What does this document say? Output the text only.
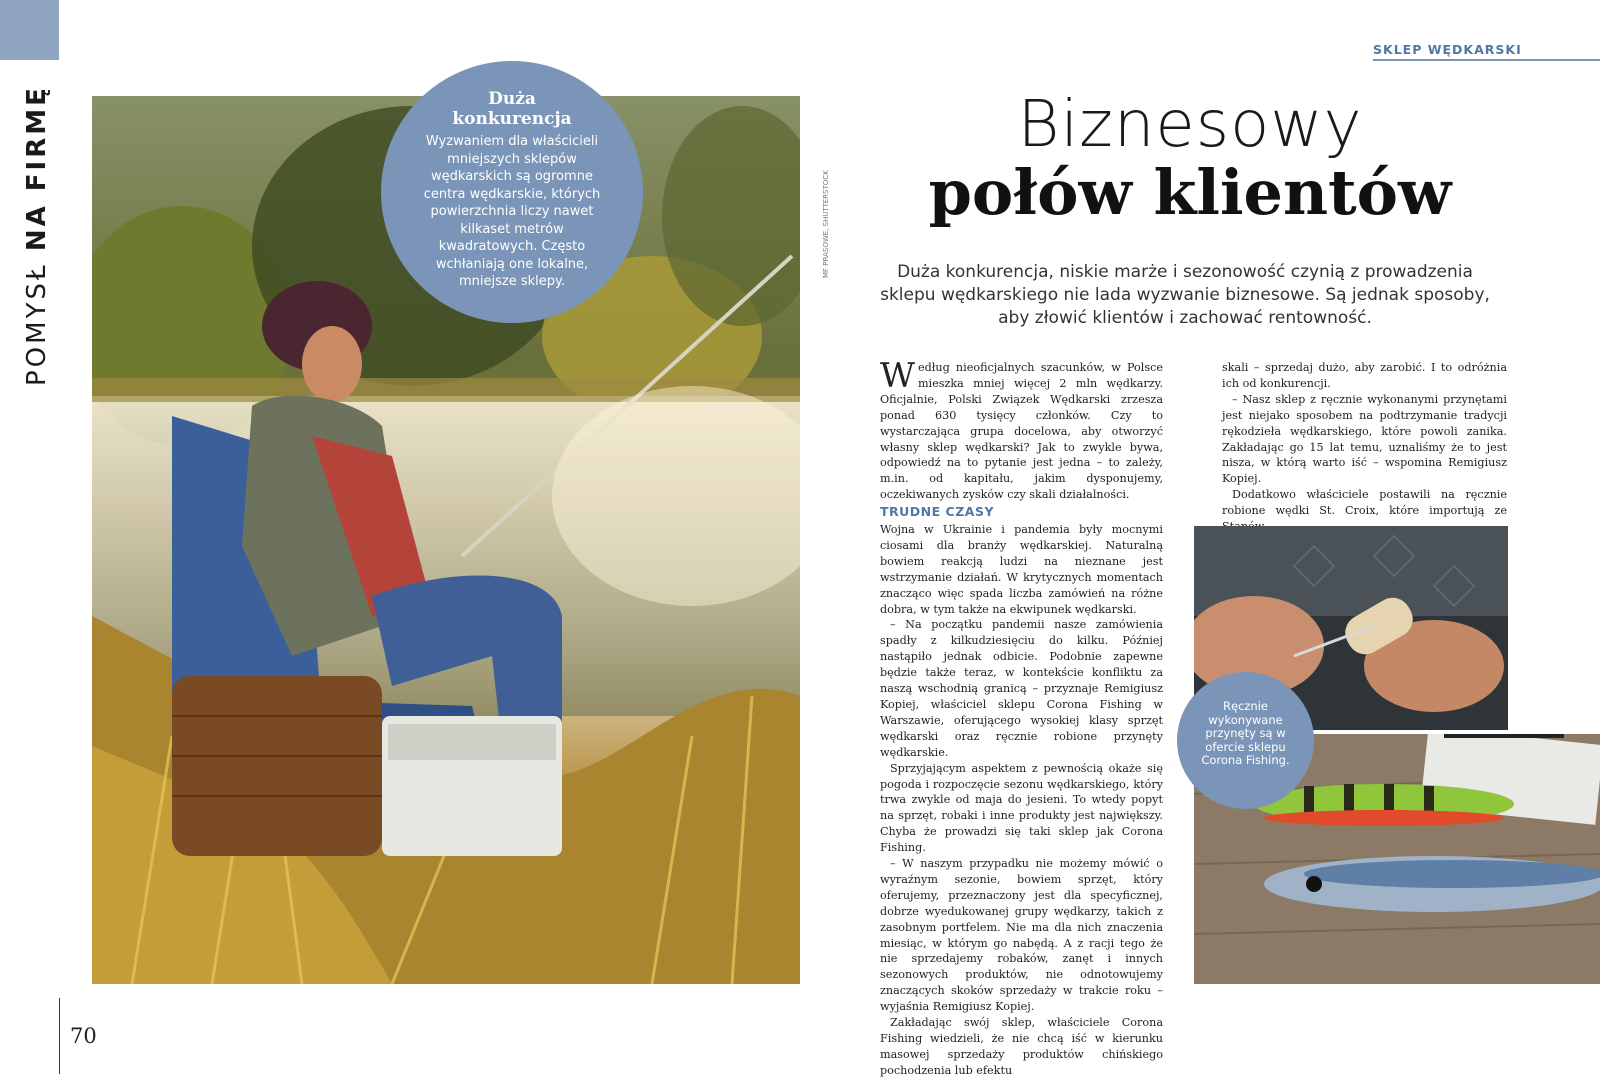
POMYSŁ NA FIRMĘ
70
MF PRASOWE, SHUTTERSTOCK
Duża
konkurencja
Wyzwaniem dla właścicieli mniejszych sklepów wędkarskich są ogromne centra wędkarskie, których powierzchnia liczy nawet kilkaset metrów kwadratowych. Często wchłaniają one lokalne, mniejsze sklepy.
SKLEP WĘDKARSKI
Biznesowy
połów klientów
Duża konkurencja, niskie marże i sezonowość czynią z prowadzenia sklepu wędkarskiego nie lada wyzwanie biznesowe. Są jednak sposoby, aby złowić klientów i zachować rentowność.
Według nieoficjalnych szacunków, w Polsce mieszka mniej więcej 2 mln wędkarzy. Oficjalnie, Polski Związek Wędkarski zrzesza ponad 630 tysięcy członków. Czy to wystarczająca grupa docelowa, aby otworzyć własny sklep wędkarski? Jak to zwykle bywa, odpowiedź na to pytanie jest jedna – to zależy, m.in. od kapitału, jakim dysponujemy, oczekiwanych zysków czy skali działalności.
TRUDNE CZASY

Wojna w Ukrainie i pandemia były mocnymi ciosami dla branży wędkarskiej. Naturalną bowiem reakcją ludzi na nieznane jest wstrzymanie działań. W krytycznych momentach znacząco więc spada liczba zamówień na różne dobra, w tym także na ekwipunek wędkarski.

– Na początku pandemii nasze zamówienia spadły z kilkudziesięciu do kilku. Później nastąpiło jednak odbicie. Podobnie zapewne będzie także teraz, w kontekście konfliktu za naszą wschodnią granicą – przyznaje Remigiusz Kopiej, właściciel sklepu Corona Fishing w Warszawie, oferującego wysokiej klasy sprzęt wędkarski oraz ręcznie robione przynęty wędkarskie.

Sprzyjającym aspektem z pewnością okaże się pogoda i rozpoczęcie sezonu wędkarskiego, który trwa zwykle od maja do jesieni. To wtedy popyt na sprzęt, robaki i inne produkty jest największy. Chyba że prowadzi się taki sklep jak Corona Fishing.

– W naszym przypadku nie możemy mówić o wyraźnym sezonie, bowiem sprzęt, który oferujemy, przeznaczony jest dla specyficznej, dobrze wyedukowanej grupy wędkarzy, takich z zasobnym portfelem. Nie ma dla nich znaczenia miesiąc, w którym go nabędą. A z racji tego że nie sprzedajemy robaków, zanęt i innych sezonowych produktów, nie odnotowujemy znaczących skoków sprzedaży w trakcie roku – wyjaśnia Remigiusz Kopiej.

Zakładając swój sklep, właściciele Corona Fishing wiedzieli, że nie chcą iść w kierunku masowej sprzedaży produktów chińskiego pochodzenia lub efektu

skali – sprzedaj dużo, aby zarobić. I to odróżnia ich od konkurencji.

– Nasz sklep z ręcznie wykonanymi przynętami jest niejako sposobem na podtrzymanie tradycji rękodzieła wędkarskiego, które powoli zanika. Zakładając go 15 lat temu, uznaliśmy że to jest nisza, w którą warto iść – wspomina Remigiusz Kopiej.

Dodatkowo właściciele postawili na ręcznie robione wędki St. Croix, które importują ze

Ręcznie wykonywane przynęty są w ofercie sklepu Corona Fishing.
